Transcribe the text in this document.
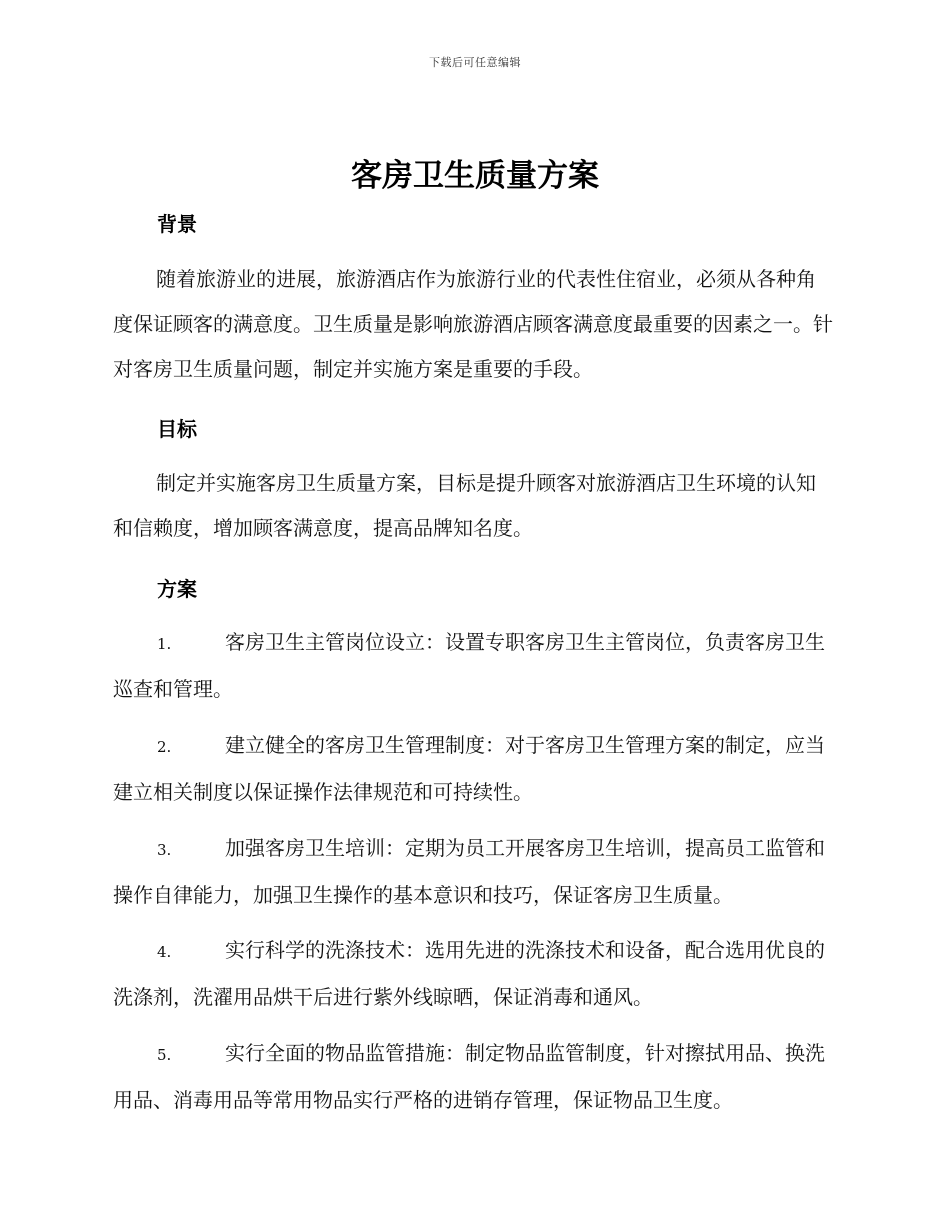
下载后可任意编辑
客房卫生质量方案
背景

随着旅游业的进展，旅游酒店作为旅游行业的代表性住宿业，必须从各种角度保证顾客的满意度。卫生质量是影响旅游酒店顾客满意度最重要的因素之一。针对客房卫生质量问题，制定并实施方案是重要的手段。

目标

制定并实施客房卫生质量方案，目标是提升顾客对旅游酒店卫生环境的认知和信赖度，增加顾客满意度，提高品牌知名度。

方案
1.	客房卫生主管岗位设立：设置专职客房卫生主管岗位，负责客房卫生巡查和管理。
2.	建立健全的客房卫生管理制度：对于客房卫生管理方案的制定，应当建立相关制度以保证操作法律规范和可持续性。
3.	加强客房卫生培训：定期为员工开展客房卫生培训，提高员工监管和操作自律能力，加强卫生操作的基本意识和技巧，保证客房卫生质量。
4.	实行科学的洗涤技术：选用先进的洗涤技术和设备，配合选用优良的洗涤剂，洗濯用品烘干后进行紫外线晾晒，保证消毒和通风。
5.	实行全面的物品监管措施：制定物品监管制度，针对擦拭用品、换洗用品、消毒用品等常用物品实行严格的进销存管理，保证物品卫生度。
